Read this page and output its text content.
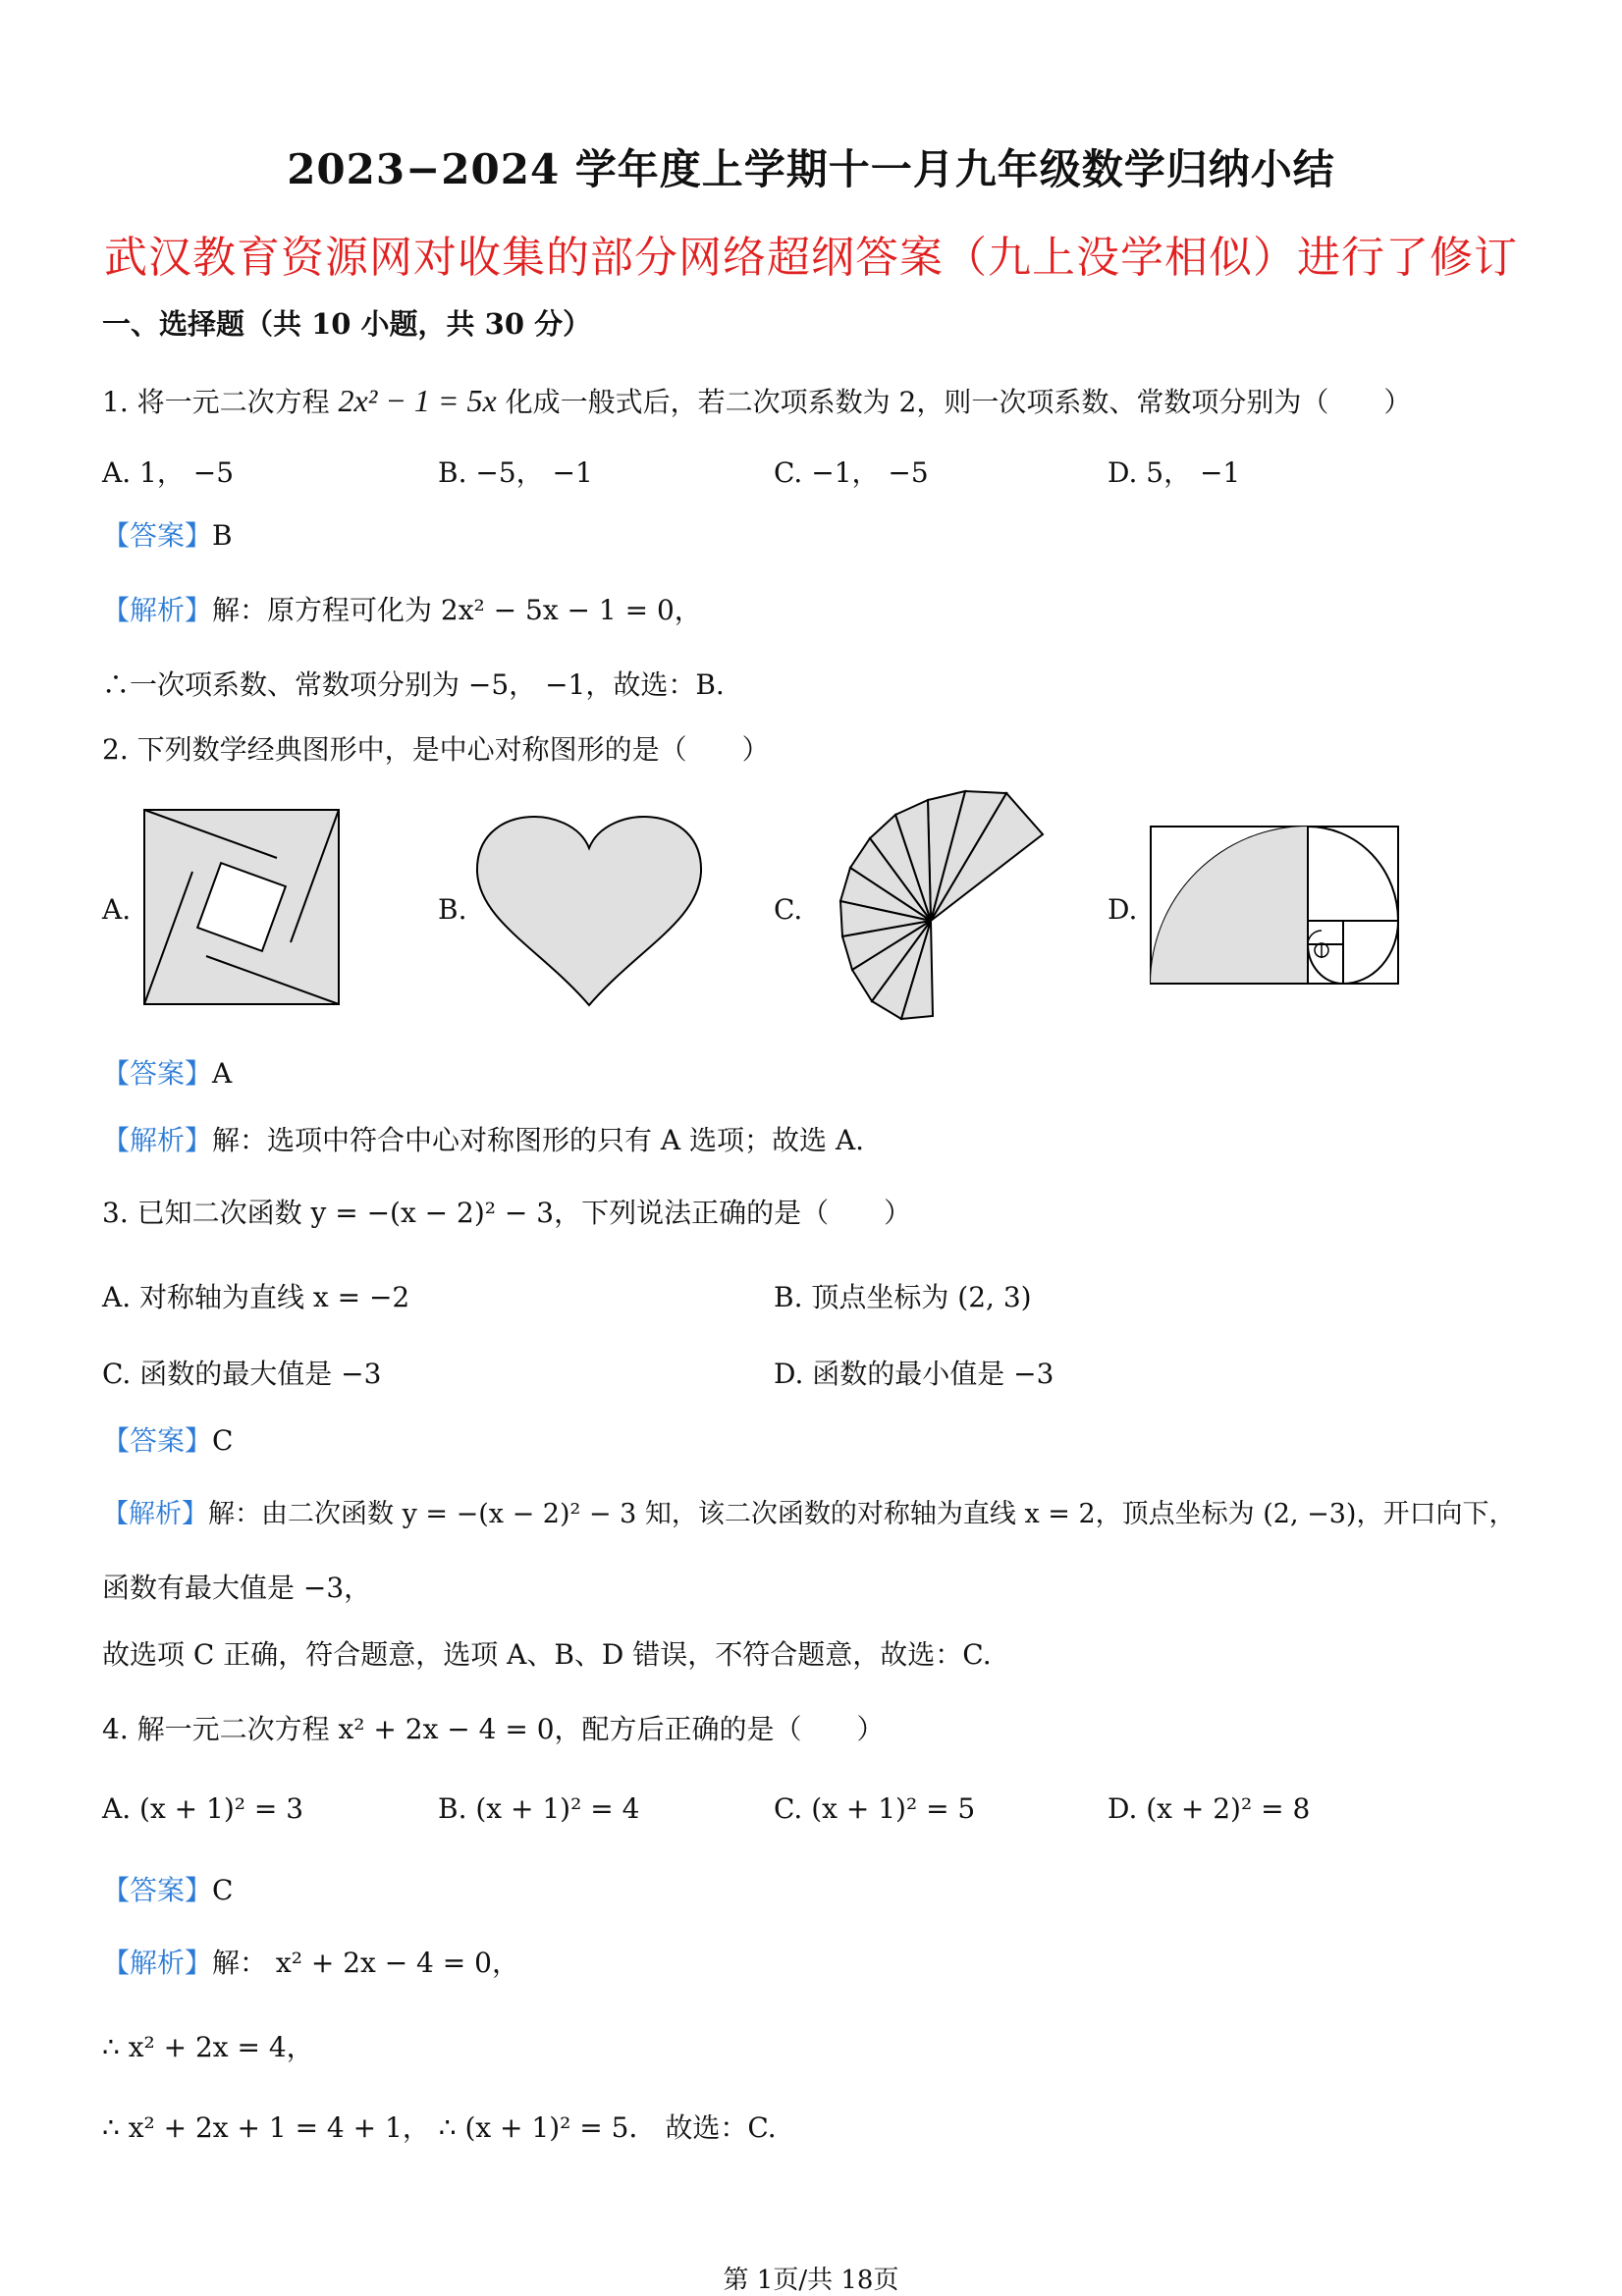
2023−2024 学年度上学期十一月九年级数学归纳小结
武汉教育资源网对收集的部分网络超纲答案（九上没学相似）进行了修订
一、选择题（共 10 小题，共 30 分）
1. 将一元二次方程 2x² − 1 = 5x 化成一般式后，若二次项系数为 2，则一次项系数、常数项分别为（　　）
A. 1， −5	B. −5， −1	C. −1， −5	D. 5， −1
【答案】B
【解析】解：原方程可化为 2x² − 5x − 1 = 0，
∴一次项系数、常数项分别为 −5， −1，故选：B.
2. 下列数学经典图形中，是中心对称图形的是（　　）
A.	B.	C.	D.
【答案】A
【解析】解：选项中符合中心对称图形的只有 A 选项；故选 A.
3. 已知二次函数 y = −(x − 2)² − 3，下列说法正确的是（　　）
A. 对称轴为直线 x = −2	B. 顶点坐标为 (2, 3)
C. 函数的最大值是 −3	D. 函数的最小值是 −3
【答案】C
【解析】解：由二次函数 y = −(x − 2)² − 3 知，该二次函数的对称轴为直线 x = 2，顶点坐标为 (2, −3)，开口向下，
函数有最大值是 −3，
故选项 C 正确，符合题意，选项 A、B、D 错误，不符合题意，故选：C.
4. 解一元二次方程 x² + 2x − 4 = 0，配方后正确的是（　　）
A. (x + 1)² = 3	B. (x + 1)² = 4	C. (x + 1)² = 5	D. (x + 2)² = 8
【答案】C
【解析】解： x² + 2x − 4 = 0，
∴ x² + 2x = 4，
∴ x² + 2x + 1 = 4 + 1， ∴ (x + 1)² = 5． 故选：C.
第 1页/共 18页
